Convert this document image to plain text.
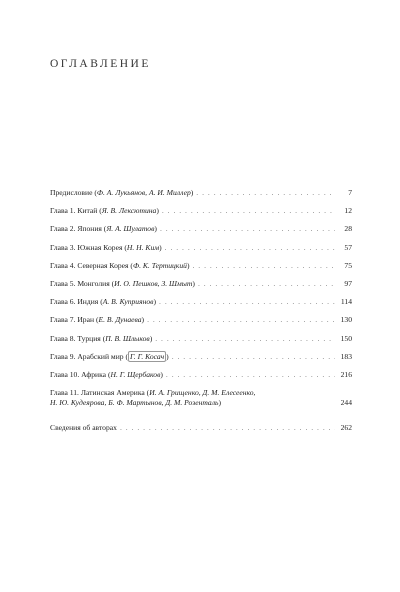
ОГЛАВЛЕНИЕ
Предисловие (Ф. А. Лукьянов, А. И. Миллер) . . .	7
Глава 1. Китай (Я. В. Лексютина) . . .	12
Глава 2. Япония (Я. А. Шулатов) . . .	28
Глава 3. Южная Корея (Н. Н. Ким) . . .	57
Глава 4. Северная Корея (Ф. К. Тертицкий) . . .	75
Глава 5. Монголия (И. О. Пешков, З. Шмыт) . . .	97
Глава 6. Индия (А. В. Куприянов) . . .	114
Глава 7. Иран (Е. В. Дунаева) . . .	130
Глава 8. Турция (П. В. Шлыков) . . .	150
Глава 9. Арабский мир ( Г. Г. Косач ) . . .	183
Глава 10. Африка (Н. Г. Щербаков) . . .	216
Глава 11. Латинская Америка (И. А. Грищенко, Д. М. Елесеенко,
Н. Ю. Кудеярова, Б. Ф. Мартынов, Д. М. Розенталь)	244
Сведения об авторах . . .	262
